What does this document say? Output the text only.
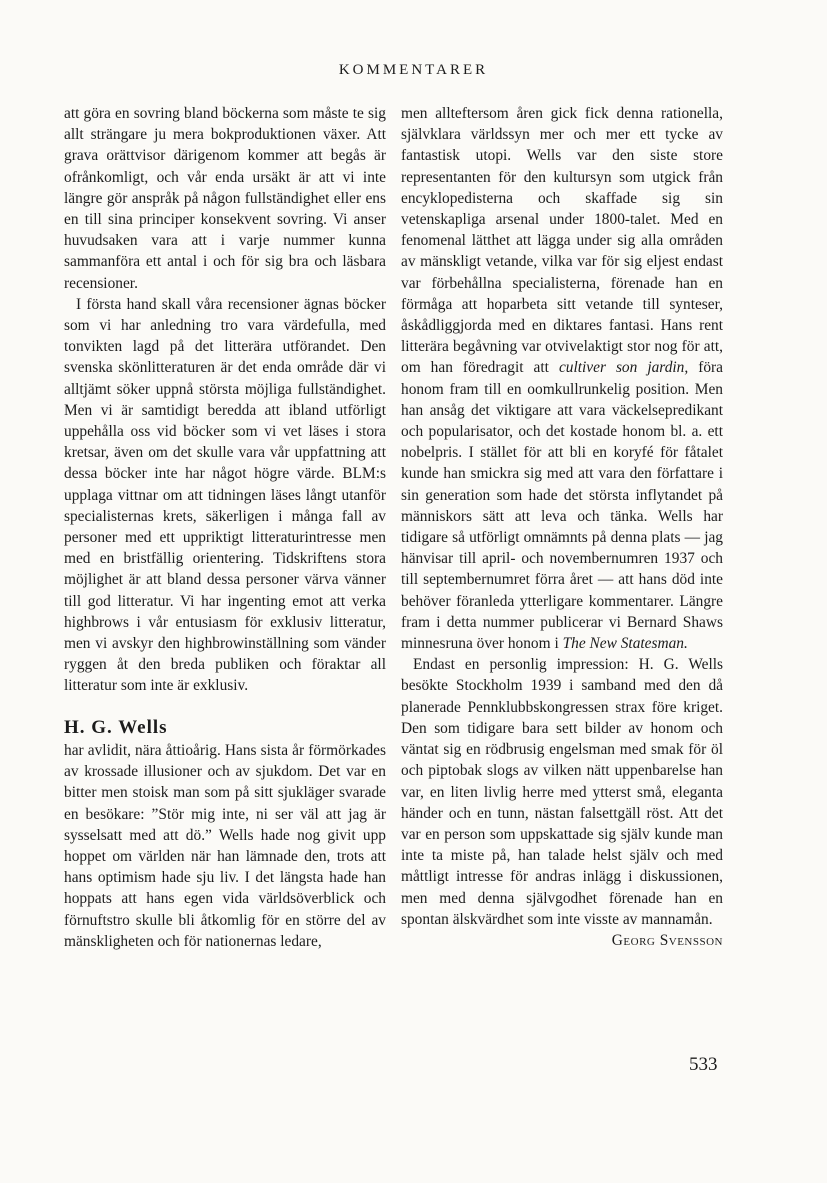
KOMMENTARER

att göra en sovring bland böckerna som måste te sig allt strängare ju mera bokproduktionen växer. Att grava orättvisor därigenom kommer att begås är ofrånkomligt, och vår enda ursäkt är att vi inte längre gör anspråk på någon fullständighet eller ens en till sina principer konsekvent sovring. Vi anser huvudsaken vara att i varje nummer kunna sammanföra ett antal i och för sig bra och läsbara recensioner.

I första hand skall våra recensioner ägnas böcker som vi har anledning tro vara värdefulla, med tonvikten lagd på det litterära utförandet. Den svenska skönlitteraturen är det enda område där vi alltjämt söker uppnå största möjliga fullständighet. Men vi är samtidigt beredda att ibland utförligt uppehålla oss vid böcker som vi vet läses i stora kretsar, även om det skulle vara vår uppfattning att dessa böcker inte har något högre värde. BLM:s upplaga vittnar om att tidningen läses långt utanför specialisternas krets, säkerligen i många fall av personer med ett uppriktigt litteraturintresse men med en bristfällig orientering. Tidskriftens stora möjlighet är att bland dessa personer värva vänner till god litteratur. Vi har ingenting emot att verka highbrows i vår entusiasm för exklusiv litteratur, men vi avskyr den highbrowinställning som vänder ryggen åt den breda publiken och föraktar all litteratur som inte är exklusiv.

H. G. Wells

har avlidit, nära åttioårig. Hans sista år förmörkades av krossade illusioner och av sjukdom. Det var en bitter men stoisk man som på sitt sjukläger svarade en besökare: ”Stör mig inte, ni ser väl att jag är sysselsatt med att dö.” Wells hade nog givit upp hoppet om världen när han lämnade den, trots att hans optimism hade sju liv. I det längsta hade han hoppats att hans egen vida världsöverblick och förnuftstro skulle bli åtkomlig för en större del av mänskligheten och för nationernas ledare,

men allteftersom åren gick fick denna rationella, självklara världssyn mer och mer ett tycke av fantastisk utopi. Wells var den siste store representanten för den kultursyn som utgick från encyklopedisterna och skaffade sig sin vetenskapliga arsenal under 1800-talet. Med en fenomenal lätthet att lägga under sig alla områden av mänskligt vetande, vilka var för sig eljest endast var förbehållna specialisterna, förenade han en förmåga att hoparbeta sitt vetande till synteser, åskådliggjorda med en diktares fantasi. Hans rent litterära begåvning var otvivelaktigt stor nog för att, om han föredragit att cultiver son jardin, föra honom fram till en oomkullrunkelig position. Men han ansåg det viktigare att vara väckelsepredikant och popularisator, och det kostade honom bl. a. ett nobelpris. I stället för att bli en koryfé för fåtalet kunde han smickra sig med att vara den författare i sin generation som hade det största inflytandet på människors sätt att leva och tänka. Wells har tidigare så utförligt omnämnts på denna plats — jag hänvisar till april- och novembernumren 1937 och till septembernumret förra året — att hans död inte behöver föranleda ytterligare kommentarer. Längre fram i detta nummer publicerar vi Bernard Shaws minnesruna över honom i The New Statesman.

Endast en personlig impression: H. G. Wells besökte Stockholm 1939 i samband med den då planerade Pennklubbskongressen strax före kriget. Den som tidigare bara sett bilder av honom och väntat sig en rödbrusig engelsman med smak för öl och piptobak slogs av vilken nätt uppenbarelse han var, en liten livlig herre med ytterst små, eleganta händer och en tunn, nästan falsettgäll röst. Att det var en person som uppskattade sig själv kunde man inte ta miste på, han talade helst själv och med måttligt intresse för andras inlägg i diskussionen, men med denna självgodhet förenade han en spontan älskvärdhet som inte visste av mannamån.
Georg Svensson

533
